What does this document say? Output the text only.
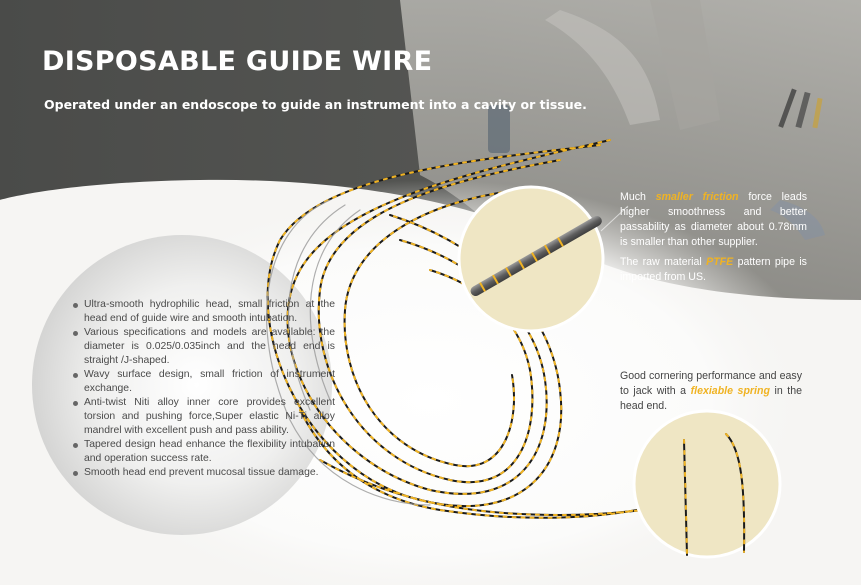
DISPOSABLE GUIDE WIRE

Operated under an endoscope to guide an instrument into a cavity or tissue.

Ultra-smooth hydrophilic head, small friction at the head end of guide wire and smooth intubation.
Various specifications and models are available: the diameter is 0.025/0.035inch and the head end is straight /J-shaped.
Wavy surface design, small friction of instrument exchange.
Anti-twist Niti alloy inner core provides excellent torsion and pushing force,Super elastic Ni-Ti alloy mandrel with excellent push and pass ability.
Tapered design head enhance the flexibility intubation and operation success rate.
Smooth head end prevent mucosal tissue damage.

Much smaller friction force leads higher smoothness and better passability as diameter about 0.78mm is smaller than other supplier.

The raw material PTFE pattern pipe is imported from US.

Good cornering performance and easy to jack with a flexiable spring in the head end.
